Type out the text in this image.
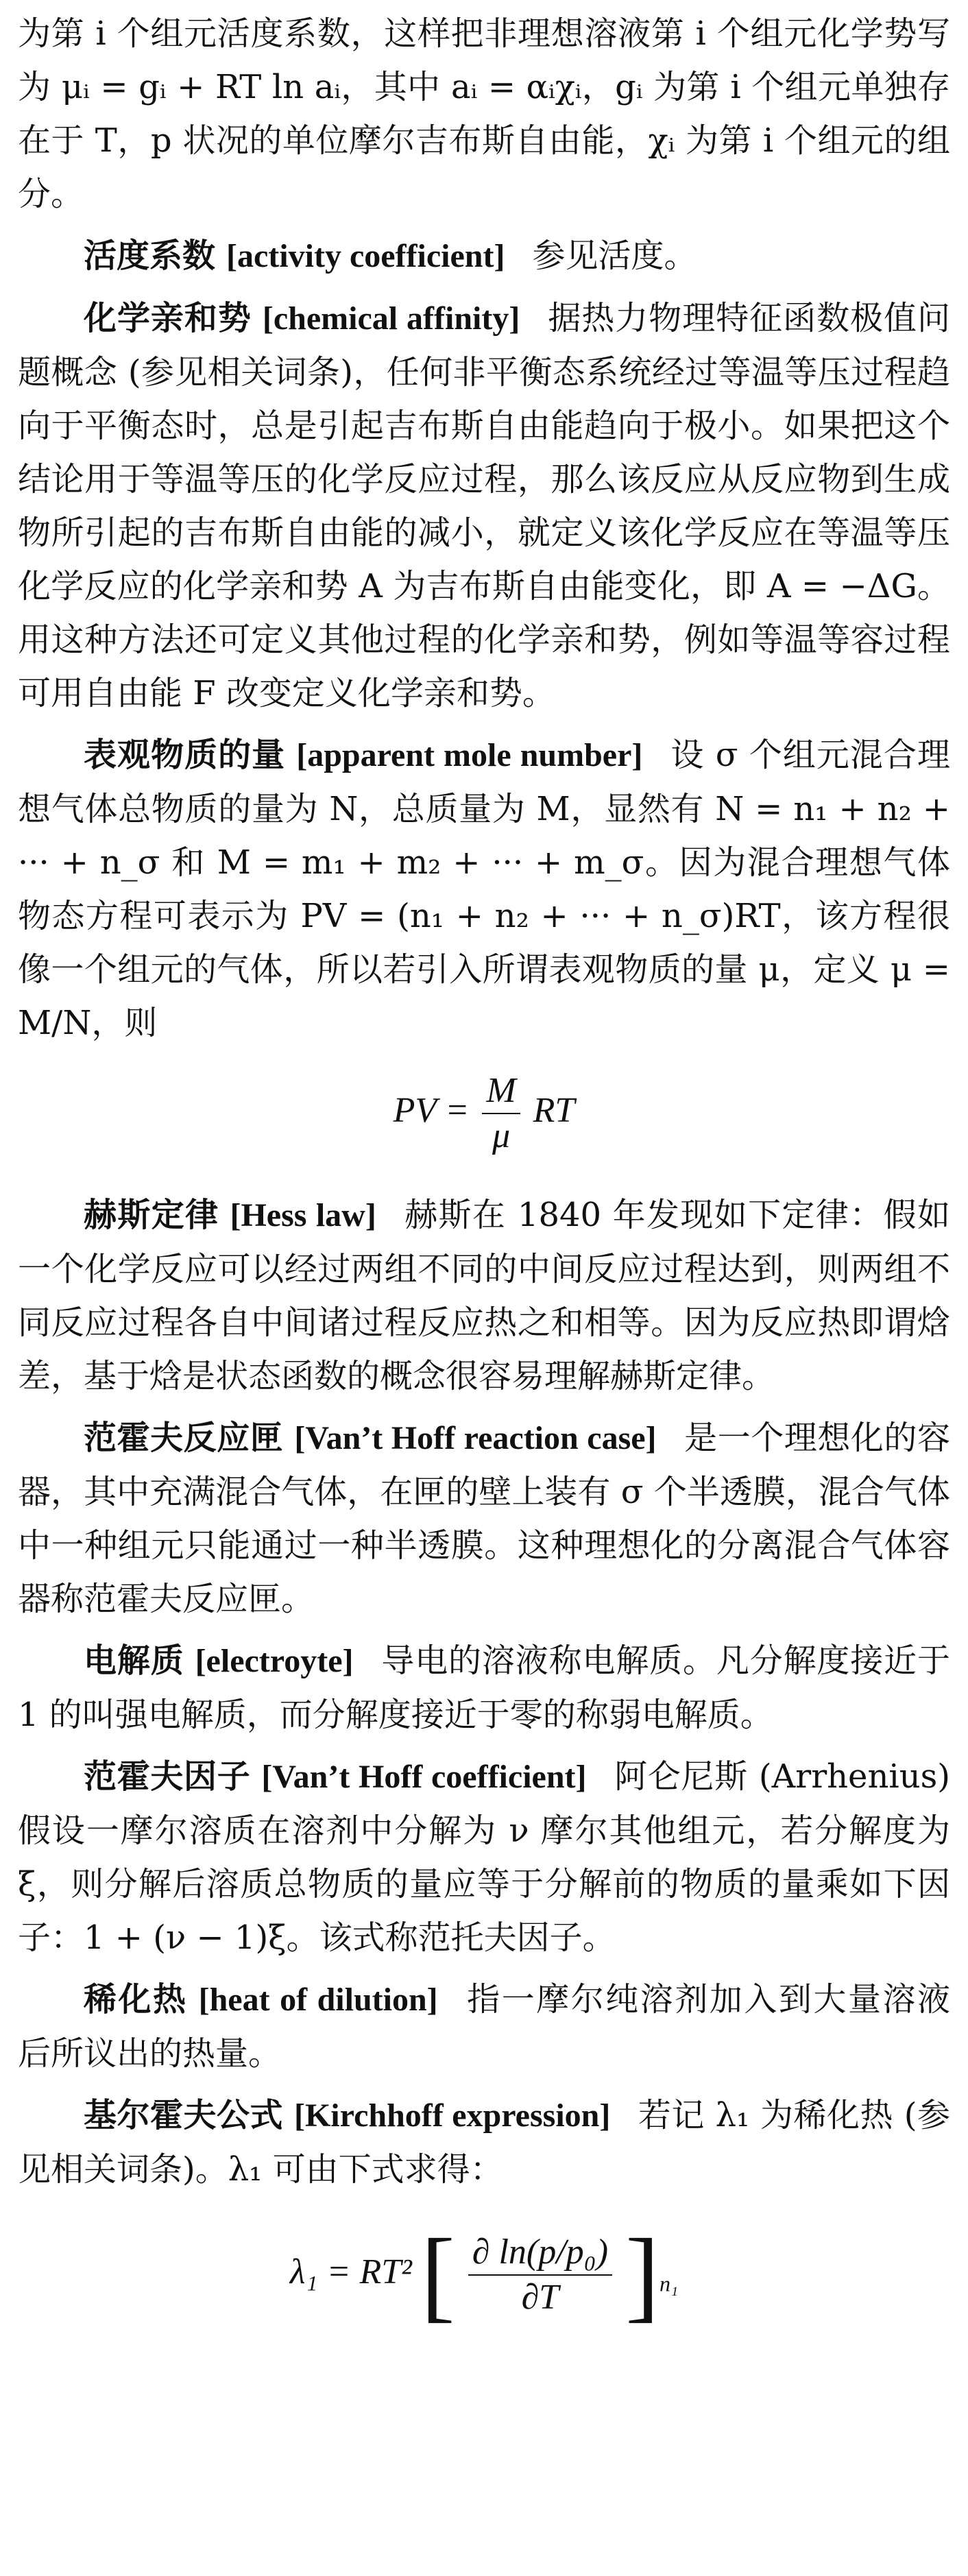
为第 i 个组元活度系数，这样把非理想溶液第 i 个组元化学势写为 μᵢ = gᵢ + RT ln aᵢ，其中 aᵢ = αᵢχᵢ，gᵢ 为第 i 个组元单独存在于 T，p 状况的单位摩尔吉布斯自由能，χᵢ 为第 i 个组元的组分。

活度系数 [activity coefficient] 参见活度。

化学亲和势 [chemical affinity] 据热力物理特征函数极值问题概念 (参见相关词条)，任何非平衡态系统经过等温等压过程趋向于平衡态时，总是引起吉布斯自由能趋向于极小。如果把这个结论用于等温等压的化学反应过程，那么该反应从反应物到生成物所引起的吉布斯自由能的减小，就定义该化学反应在等温等压化学反应的化学亲和势 A 为吉布斯自由能变化，即 A = −ΔG。用这种方法还可定义其他过程的化学亲和势，例如等温等容过程可用自由能 F 改变定义化学亲和势。

表观物质的量 [apparent mole number] 设 σ 个组元混合理想气体总物质的量为 N，总质量为 M，显然有 N = n₁ + n₂ + ··· + n_σ 和 M = m₁ + m₂ + ··· + m_σ。因为混合理想气体物态方程可表示为 PV = (n₁ + n₂ + ··· + n_σ)RT，该方程很像一个组元的气体，所以若引入所谓表观物质的量 μ，定义 μ = M/N，则

PV = $\frac{M}{\mu}$ RT

赫斯定律 [Hess law] 赫斯在 1840 年发现如下定律：假如一个化学反应可以经过两组不同的中间反应过程达到，则两组不同反应过程各自中间诸过程反应热之和相等。因为反应热即谓焓差，基于焓是状态函数的概念很容易理解赫斯定律。

范霍夫反应匣 [Van’t Hoff reaction case] 是一个理想化的容器，其中充满混合气体，在匣的壁上装有 σ 个半透膜，混合气体中一种组元只能通过一种半透膜。这种理想化的分离混合气体容器称范霍夫反应匣。

电解质 [electroyte] 导电的溶液称电解质。凡分解度接近于 1 的叫强电解质，而分解度接近于零的称弱电解质。

范霍夫因子 [Van’t Hoff coefficient] 阿仑尼斯 (Arrhenius) 假设一摩尔溶质在溶剂中分解为 ν 摩尔其他组元，若分解度为 ξ，则分解后溶质总物质的量应等于分解前的物质的量乘如下因子：1 + (ν − 1)ξ。该式称范托夫因子。

稀化热 [heat of dilution] 指一摩尔纯溶剂加入到大量溶液后所议出的热量。

基尔霍夫公式 [Kirchhoff expression] 若记 λ₁ 为稀化热 (参见相关词条)。λ₁ 可由下式求得：

λ₁ = RT² [ $\frac{\text{∂ ln(p/p₀)}}{\partial T} ]_{n_1}$
